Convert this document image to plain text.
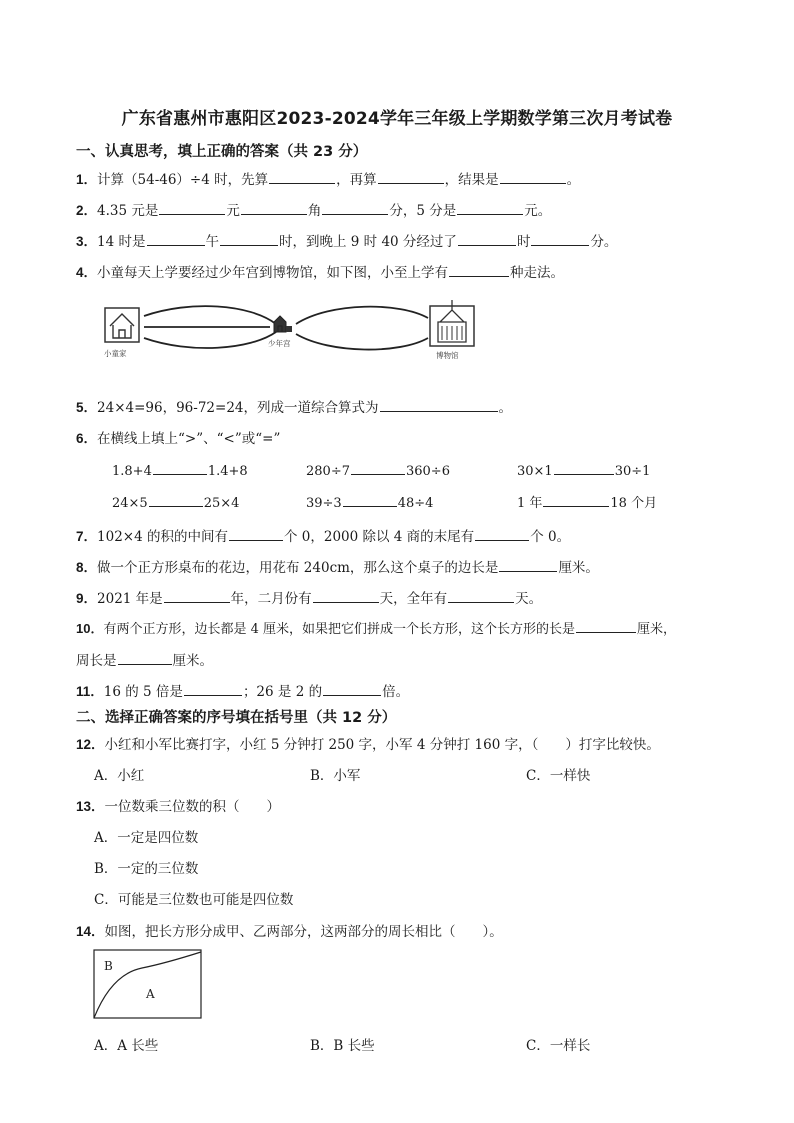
广东省惠州市惠阳区2023-2024学年三年级上学期数学第三次月考试卷
一、认真思考，填上正确的答案（共 23 分）
1．计算（54-46）÷4 时，先算	，再算	，结果是	。
2．4.35 元是	元	角	分，5 分是	元。
3．14 时是	午	时，到晚上 9 时 40 分经过了	时	分。
4．小童每天上学要经过少年宫到博物馆，如下图，小至上学有	种走法。
小童家
少年宫
博物馆
5．24×4=96，96-72=24，列成一道综合算式为	。
6．在横线上填上“>”、“<”或“=”
1.8+4	1.4+8	280÷7	360÷6	30×1	30÷1
24×5	25×4	39÷3	48÷4	1 年	18 个月
7．102×4 的积的中间有	个 0，2000 除以 4 商的末尾有	个 0。
8．做一个正方形桌布的花边，用花布 240cm，那么这个桌子的边长是	厘米。
9．2021 年是	年，二月份有	天，全年有	天。
10．有两个正方形，边长都是 4 厘米，如果把它们拼成一个长方形，这个长方形的长是	厘米，
周长是	厘米。
11．16 的 5 倍是	；26 是 2 的	倍。
二、选择正确答案的序号填在括号里（共 12 分）
12．小红和小军比赛打字，小红 5 分钟打 250 字，小军 4 分钟打 160 字，（　　）打字比较快。
A．小红	B．小军	C．一样快
13．一位数乘三位数的积（　　）
A．一定是四位数
B．一定的三位数
C．可能是三位数也可能是四位数
14．如图，把长方形分成甲、乙两部分，这两部分的周长相比（　　）。
B
A
A．A 长些	B．B 长些	C．一样长
